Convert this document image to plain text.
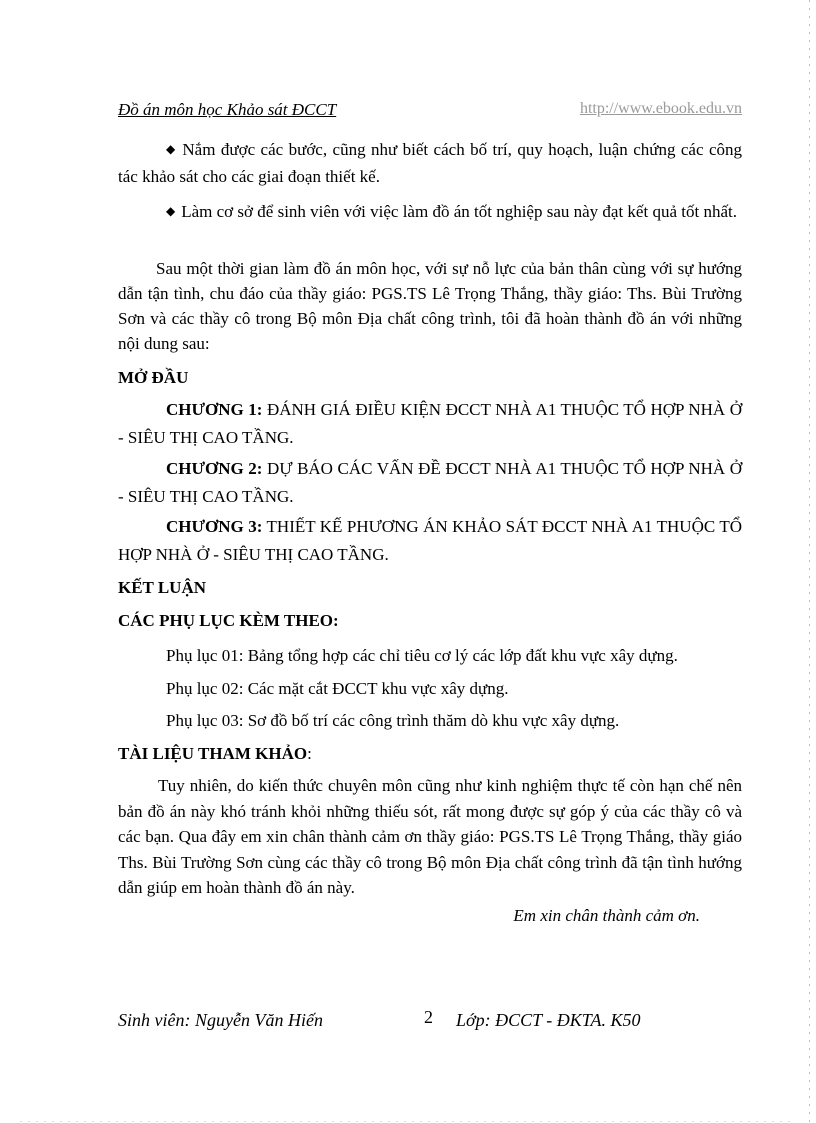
Đồ án môn học Khảo sát ĐCCT	http://www.ebook.edu.vn
◆ Nắm được các bước, cũng như biết cách bố trí, quy hoạch, luận chứng các công tác khảo sát cho các giai đoạn thiết kế.
◆ Làm cơ sở để sinh viên với việc làm đồ án tốt nghiệp sau này đạt kết quả tốt nhất.
Sau một thời gian làm đồ án môn học, với sự nỗ lực của bản thân cùng với sự hướng dẫn tận tình, chu đáo của thầy giáo: PGS.TS Lê Trọng Thắng, thầy giáo: Ths. Bùi Trường Sơn và các thầy cô trong Bộ môn Địa chất công trình, tôi đã hoàn thành đồ án với những nội dung sau:
MỞ ĐẦU
CHƯƠNG 1: ĐÁNH GIÁ ĐIỀU KIỆN ĐCCT NHÀ A1 THUỘC TỔ HỢP NHÀ Ở - SIÊU THỊ CAO TẦNG.
CHƯƠNG 2: DỰ BÁO CÁC VẤN ĐỀ ĐCCT NHÀ A1 THUỘC TỔ HỢP NHÀ Ở - SIÊU THỊ CAO TẦNG.
CHƯƠNG 3: THIẾT KẾ PHƯƠNG ÁN KHẢO SÁT ĐCCT NHÀ A1 THUỘC TỔ HỢP NHÀ Ở - SIÊU THỊ CAO TẦNG.
KẾT LUẬN
CÁC PHỤ LỤC KÈM THEO:
Phụ lục 01: Bảng tổng hợp các chỉ tiêu cơ lý các lớp đất khu vực xây dựng.
Phụ lục 02: Các mặt cắt ĐCCT khu vực xây dựng.
Phụ lục 03: Sơ đồ bố trí các công trình thăm dò khu vực xây dựng.
TÀI LIỆU THAM KHẢO:
Tuy nhiên, do kiến thức chuyên môn cũng như kinh nghiệm thực tế còn hạn chế nên bản đồ án này khó tránh khỏi những thiếu sót, rất mong được sự góp ý của các thầy cô và các bạn. Qua đây em xin chân thành cảm ơn thầy giáo: PGS.TS Lê Trọng Thắng, thầy giáo Ths. Bùi Trường Sơn cùng các thầy cô trong Bộ môn Địa chất công trình đã tận tình hướng dẫn giúp em hoàn thành đồ án này.
Em xin chân thành cảm ơn.
Sinh viên: Nguyễn Văn Hiến	2 Lớp: ĐCCT - ĐKTA. K50
